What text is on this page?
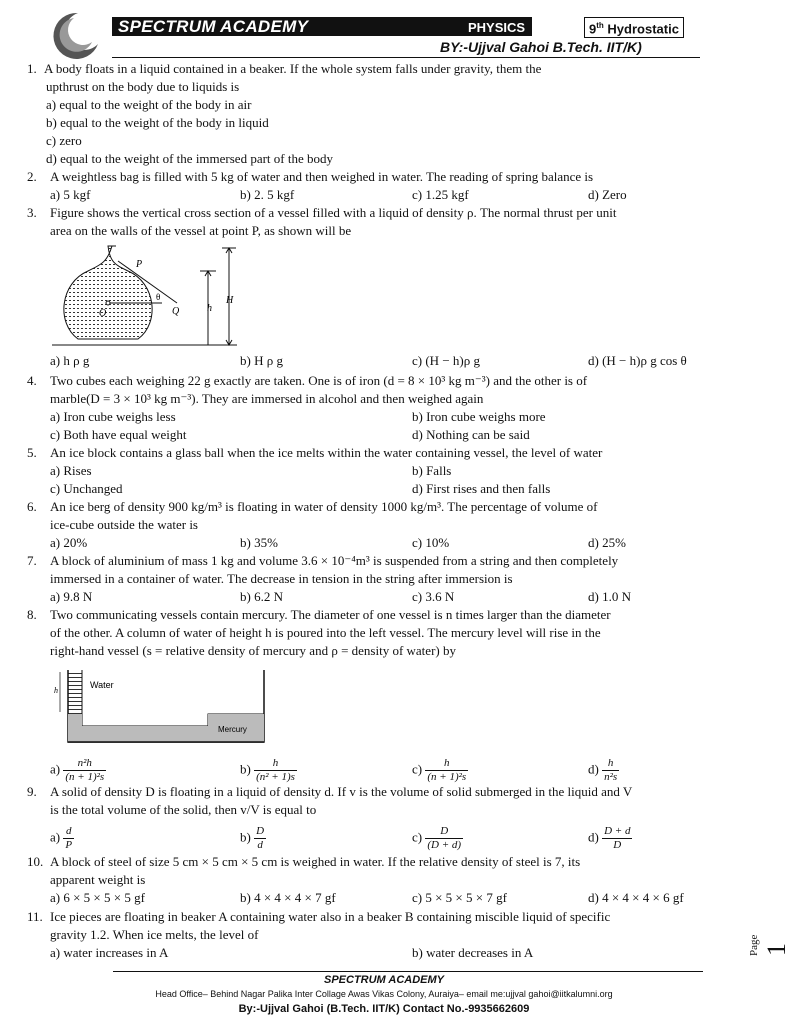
SPECTRUM ACADEMY	PHYSICS	9th Hydrostatic
BY:-Ujjval Gahoi B.Tech. IIT/K)
1. A body floats in a liquid contained in a beaker. If the whole system falls under gravity, them the
upthrust on the body due to liquids is
a) equal to the weight of the body in air
b) equal to the weight of the body in liquid
c) zero
d) equal to the weight of the immersed part of the body
2. A weightless bag is filled with 5 kg of water and then weighed in water. The reading of spring balance is
a) 5 kgf	b) 2. 5 kgf	c) 1.25 kgf	d) Zero
3. Figure shows the vertical cross section of a vessel filled with a liquid of density ρ. The normal thrust per unit
area on the walls of the vessel at point P, as shown will be
P
θ
O	Q	h
H
a) h ρ g	b) H ρ g	c) (H − h)ρ g	d) (H − h)ρ g cos θ
4. Two cubes each weighing 22 g exactly are taken. One is of iron (d = 8 × 10³ kg m⁻³) and the other is of
marble(D = 3 × 10³ kg m⁻³). They are immersed in alcohol and then weighed again
a) Iron cube weighs less	b) Iron cube weighs more
c) Both have equal weight	d) Nothing can be said
5. An ice block contains a glass ball when the ice melts within the water containing vessel, the level of water
a) Rises	b) Falls
c) Unchanged	d) First rises and then falls
6. An ice berg of density 900 kg/m³ is floating in water of density 1000 kg/m³. The percentage of volume of
ice-cube outside the water is
a) 20%	b) 35%	c) 10%	d) 25%
7. A block of aluminium of mass 1 kg and volume 3.6 × 10⁻⁴m³ is suspended from a string and then completely
immersed in a container of water. The decrease in tension in the string after immersion is
a) 9.8 N	b) 6.2 N	c) 3.6 N	d) 1.0 N
8. Two communicating vessels contain mercury. The diameter of one vessel is n times larger than the diameter
of the other. A column of water of height h is poured into the left vessel. The mercury level will rise in the
right-hand vessel (s = relative density of mercury and ρ = density of water) by
h
Water
Mercury
$a) \frac{\text{n²h}}{\text{(n + 1)²s}}$	$b) \frac{h}{\text{(n² + 1)s}}$	$c) \frac{h}{\text{(n + 1)²s}}$	$d) \frac{h}{\text{n²s}}$
9. A solid of density D is floating in a liquid of density d. If v is the volume of solid submerged in the liquid and V
is the total volume of the solid, then v/V is equal to
$a) \frac{d}{P}$	$b) \frac{D}{d}$	$c) \frac{D}{(D + d)}$	$d) \frac{D + d}{D}$
10. A block of steel of size 5 cm × 5 cm × 5 cm is weighed in water. If the relative density of steel is 7, its
apparent weight is
a) 6 × 5 × 5 × 5 gf	b) 4 × 4 × 4 × 7 gf	c) 5 × 5 × 5 × 7 gf	d) 4 × 4 × 4 × 6 gf
11. Ice pieces are floating in beaker A containing water also in a beaker B containing miscible liquid of specific
gravity 1.2. When ice melts, the level of
a) water increases in A	b) water decreases in A	Page 1
SPECTRUM ACADEMY
Head Office– Behind Nagar Palika Inter Collage Awas Vikas Colony, Auraiya– email me:ujjval gahoi@iitkalumni.org
By:-Ujjval Gahoi (B.Tech. IIT/K) Contact No.-9935662609
